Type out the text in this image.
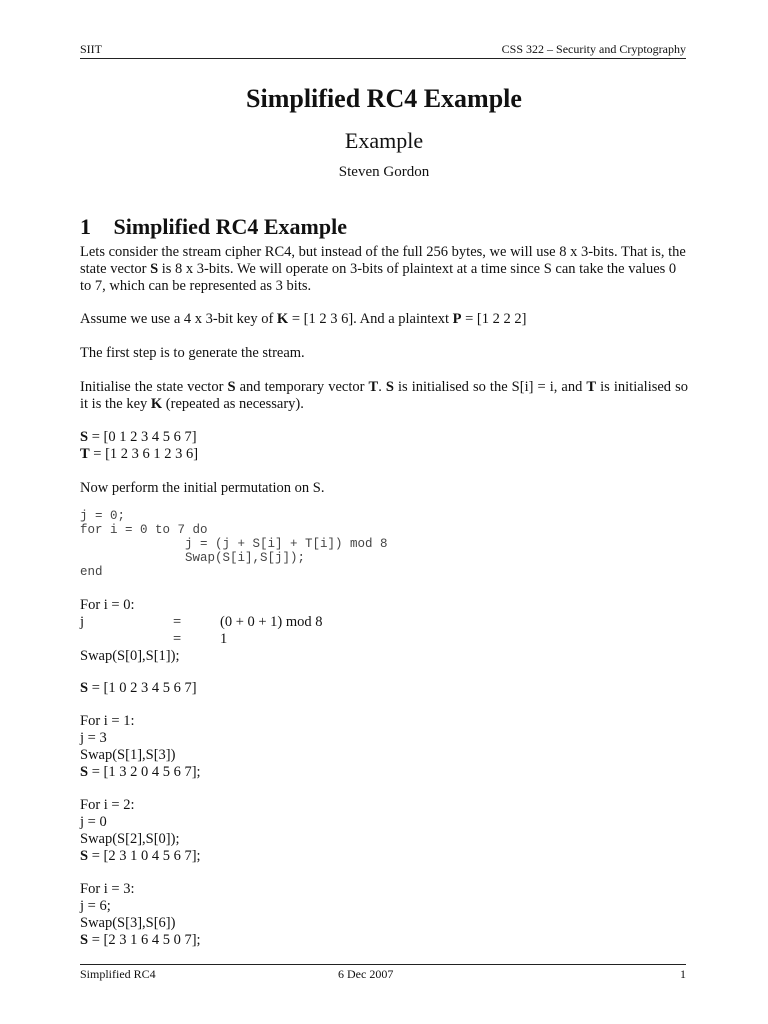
SIIT	CSS 322 – Security and Cryptography
Simplified RC4 Example
Example
Steven Gordon
1 Simplified RC4 Example
Lets consider the stream cipher RC4, but instead of the full 256 bytes, we will use 8 x 3-bits. That is, the state vector S is 8 x 3-bits. We will operate on 3-bits of plaintext at a time since S can take the values 0 to 7, which can be represented as 3 bits.
Assume we use a 4 x 3-bit key of K = [1 2 3 6]. And a plaintext P = [1 2 2 2]
The first step is to generate the stream.
Initialise the state vector S and temporary vector T. S is initialised so the S[i] = i, and T is initialised so it is the key K (repeated as necessary).
S = [0 1 2 3 4 5 6 7]
T = [1 2 3 6 1 2 3 6]
Now perform the initial permutation on S.
j = 0;
for i = 0 to 7 do
j = (j + S[i] + T[i]) mod 8
Swap(S[i],S[j]);
end
For i = 0:
j	=	(0 + 0 + 1) mod 8
=	1
Swap(S[0],S[1]);
S = [1 0 2 3 4 5 6 7]
For i = 1:
j = 3
Swap(S[1],S[3])
S = [1 3 2 0 4 5 6 7];
For i = 2:
j = 0
Swap(S[2],S[0]);
S = [2 3 1 0 4 5 6 7];
For i = 3:
j = 6;
Swap(S[3],S[6])
S = [2 3 1 6 4 5 0 7];
Simplified RC4	6 Dec 2007	1
